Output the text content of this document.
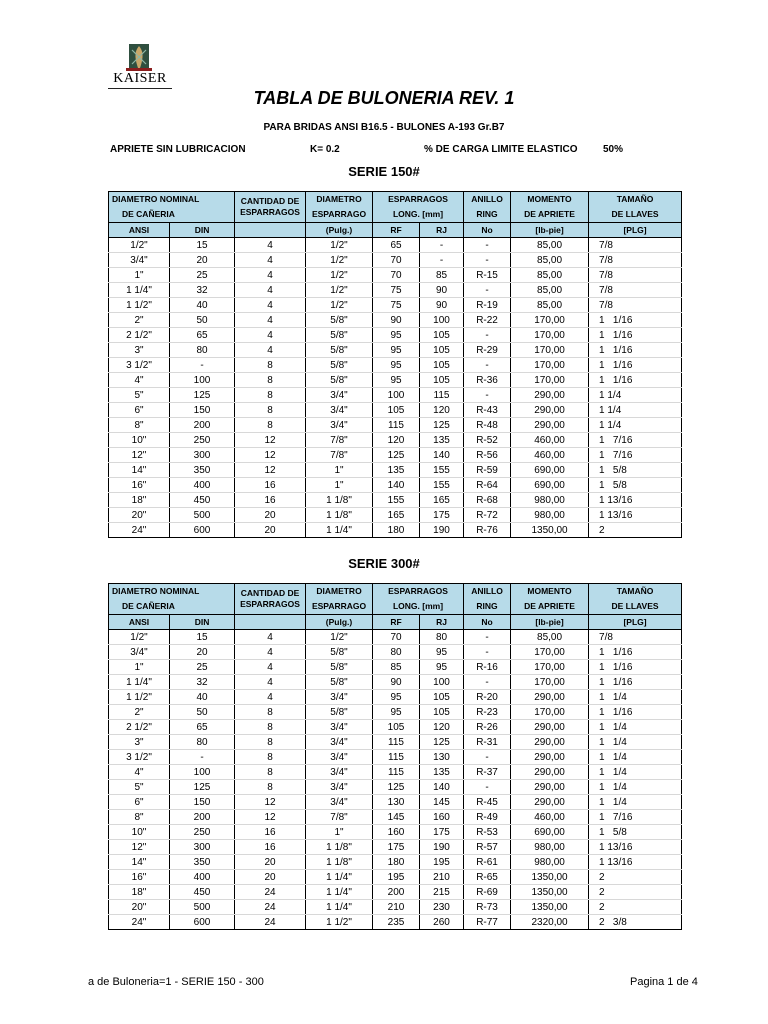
KAISER
TABLA DE BULONERIA REV. 1
PARA BRIDAS ANSI B16.5 - BULONES A-193 Gr.B7
APRIETE SIN LUBRICACION	K= 0.2	% DE CARGA LIMITE ELASTICO	50%
SERIE 150#
SERIE 300#
DIAMETRO NOMINAL		CANTIDAD DE
ESPARRAGOS	DIAMETRO	ESPARRAGOS		ANILLO	MOMENTO	TAMAÑO
DE CAÑERIA			ESPARRAGO	LONG. [mm]		RING	DE APRIETE	DE LLAVES
ANSI	DIN		(Pulg.)	RF	RJ	No	[lb-pie]	[PLG]
1/2"	15	4	1/2"	65	-	-	85,00	7/8
3/4"	20	4	1/2"	70	-	-	85,00	7/8
1"	25	4	1/2"	70	85	R-15	85,00	7/8
1 1/4"	32	4	1/2"	75	90	-	85,00	7/8
1 1/2"	40	4	1/2"	75	90	R-19	85,00	7/8
2"	50	4	5/8"	90	100	R-22	170,00	1   1/16
2 1/2"	65	4	5/8"	95	105	-	170,00	1   1/16
3"	80	4	5/8"	95	105	R-29	170,00	1   1/16
3 1/2"	-	8	5/8"	95	105	-	170,00	1   1/16
4"	100	8	5/8"	95	105	R-36	170,00	1   1/16
5"	125	8	3/4"	100	115	-	290,00	1 1/4
6"	150	8	3/4"	105	120	R-43	290,00	1 1/4
8"	200	8	3/4"	115	125	R-48	290,00	1 1/4
10"	250	12	7/8"	120	135	R-52	460,00	1   7/16
12"	300	12	7/8"	125	140	R-56	460,00	1   7/16
14"	350	12	1"	135	155	R-59	690,00	1   5/8
16"	400	16	1"	140	155	R-64	690,00	1   5/8
18"	450	16	1 1/8"	155	165	R-68	980,00	1 13/16
20"	500	20	1 1/8"	165	175	R-72	980,00	1 13/16
24"	600	20	1 1/4"	180	190	R-76	1350,00	2
DIAMETRO NOMINAL		CANTIDAD DE
ESPARRAGOS	DIAMETRO	ESPARRAGOS		ANILLO	MOMENTO	TAMAÑO
DE CAÑERIA			ESPARRAGO	LONG. [mm]		RING	DE APRIETE	DE LLAVES
ANSI	DIN		(Pulg.)	RF	RJ	No	[lb-pie]	[PLG]
1/2"	15	4	1/2"	70	80	-	85,00	7/8
3/4"	20	4	5/8"	80	95	-	170,00	1   1/16
1"	25	4	5/8"	85	95	R-16	170,00	1   1/16
1 1/4"	32	4	5/8"	90	100	-	170,00	1   1/16
1 1/2"	40	4	3/4"	95	105	R-20	290,00	1   1/4
2"	50	8	5/8"	95	105	R-23	170,00	1   1/16
2 1/2"	65	8	3/4"	105	120	R-26	290,00	1   1/4
3"	80	8	3/4"	115	125	R-31	290,00	1   1/4
3 1/2"	-	8	3/4"	115	130	-	290,00	1   1/4
4"	100	8	3/4"	115	135	R-37	290,00	1   1/4
5"	125	8	3/4"	125	140	-	290,00	1   1/4
6"	150	12	3/4"	130	145	R-45	290,00	1   1/4
8"	200	12	7/8"	145	160	R-49	460,00	1   7/16
10"	250	16	1"	160	175	R-53	690,00	1   5/8
12"	300	16	1 1/8"	175	190	R-57	980,00	1 13/16
14"	350	20	1 1/8"	180	195	R-61	980,00	1 13/16
16"	400	20	1 1/4"	195	210	R-65	1350,00	2
18"	450	24	1 1/4"	200	215	R-69	1350,00	2
20"	500	24	1 1/4"	210	230	R-73	1350,00	2
24"	600	24	1 1/2"	235	260	R-77	2320,00	2   3/8
a de Buloneria=1 - SERIE 150 - 300	Pagina 1 de 4
